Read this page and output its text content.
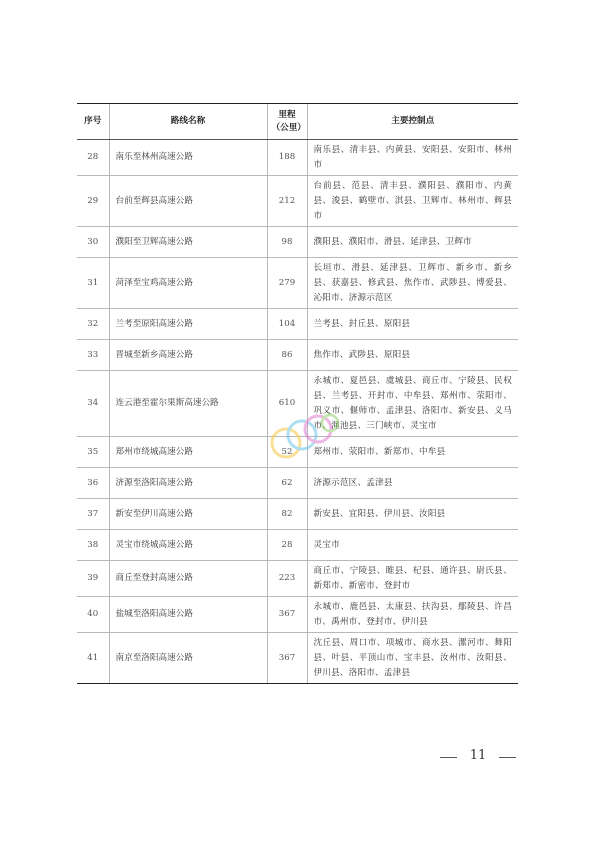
序号	路线名称	里程（公里）	主要控制点
28	南乐至林州高速公路	188	南乐县、清丰县、内黄县、安阳县、安阳市、林州市
29	台前至辉县高速公路	212	台前县、范县、清丰县、濮阳县、濮阳市、内黄县、浚县、鹤壁市、淇县、卫辉市、林州市、辉县市
30	濮阳至卫辉高速公路	98	濮阳县、濮阳市、滑县、延津县、卫辉市
31	菏泽至宝鸡高速公路	279	长垣市、滑县、延津县、卫辉市、新乡市、新乡县、获嘉县、修武县、焦作市、武陟县、博爱县、沁阳市、济源示范区
32	兰考至原阳高速公路	104	兰考县、封丘县、原阳县
33	晋城至新乡高速公路	86	焦作市、武陟县、原阳县
34	连云港至霍尔果斯高速公路	610	永城市、夏邑县、虞城县、商丘市、宁陵县、民权县、兰考县、开封市、中牟县、郑州市、荥阳市、巩义市、偃师市、孟津县、洛阳市、新安县、义马市、渑池县、三门峡市、灵宝市
35	郑州市绕城高速公路	52	郑州市、荥阳市、新郑市、中牟县
36	济源至洛阳高速公路	62	济源示范区、孟津县
37	新安至伊川高速公路	82	新安县、宜阳县、伊川县、汝阳县
38	灵宝市绕城高速公路	28	灵宝市
39	商丘至登封高速公路	223	商丘市、宁陵县、睢县、杞县、通许县、尉氏县、新郑市、新密市、登封市
40	盐城至洛阳高速公路	367	永城市、鹿邑县、太康县、扶沟县、鄢陵县、许昌市、禹州市、登封市、伊川县
41	南京至洛阳高速公路	367	沈丘县、周口市、项城市、商水县、漯河市、舞阳县、叶县、平顶山市、宝丰县、汝州市、汝阳县、伊川县、洛阳市、孟津县
11
